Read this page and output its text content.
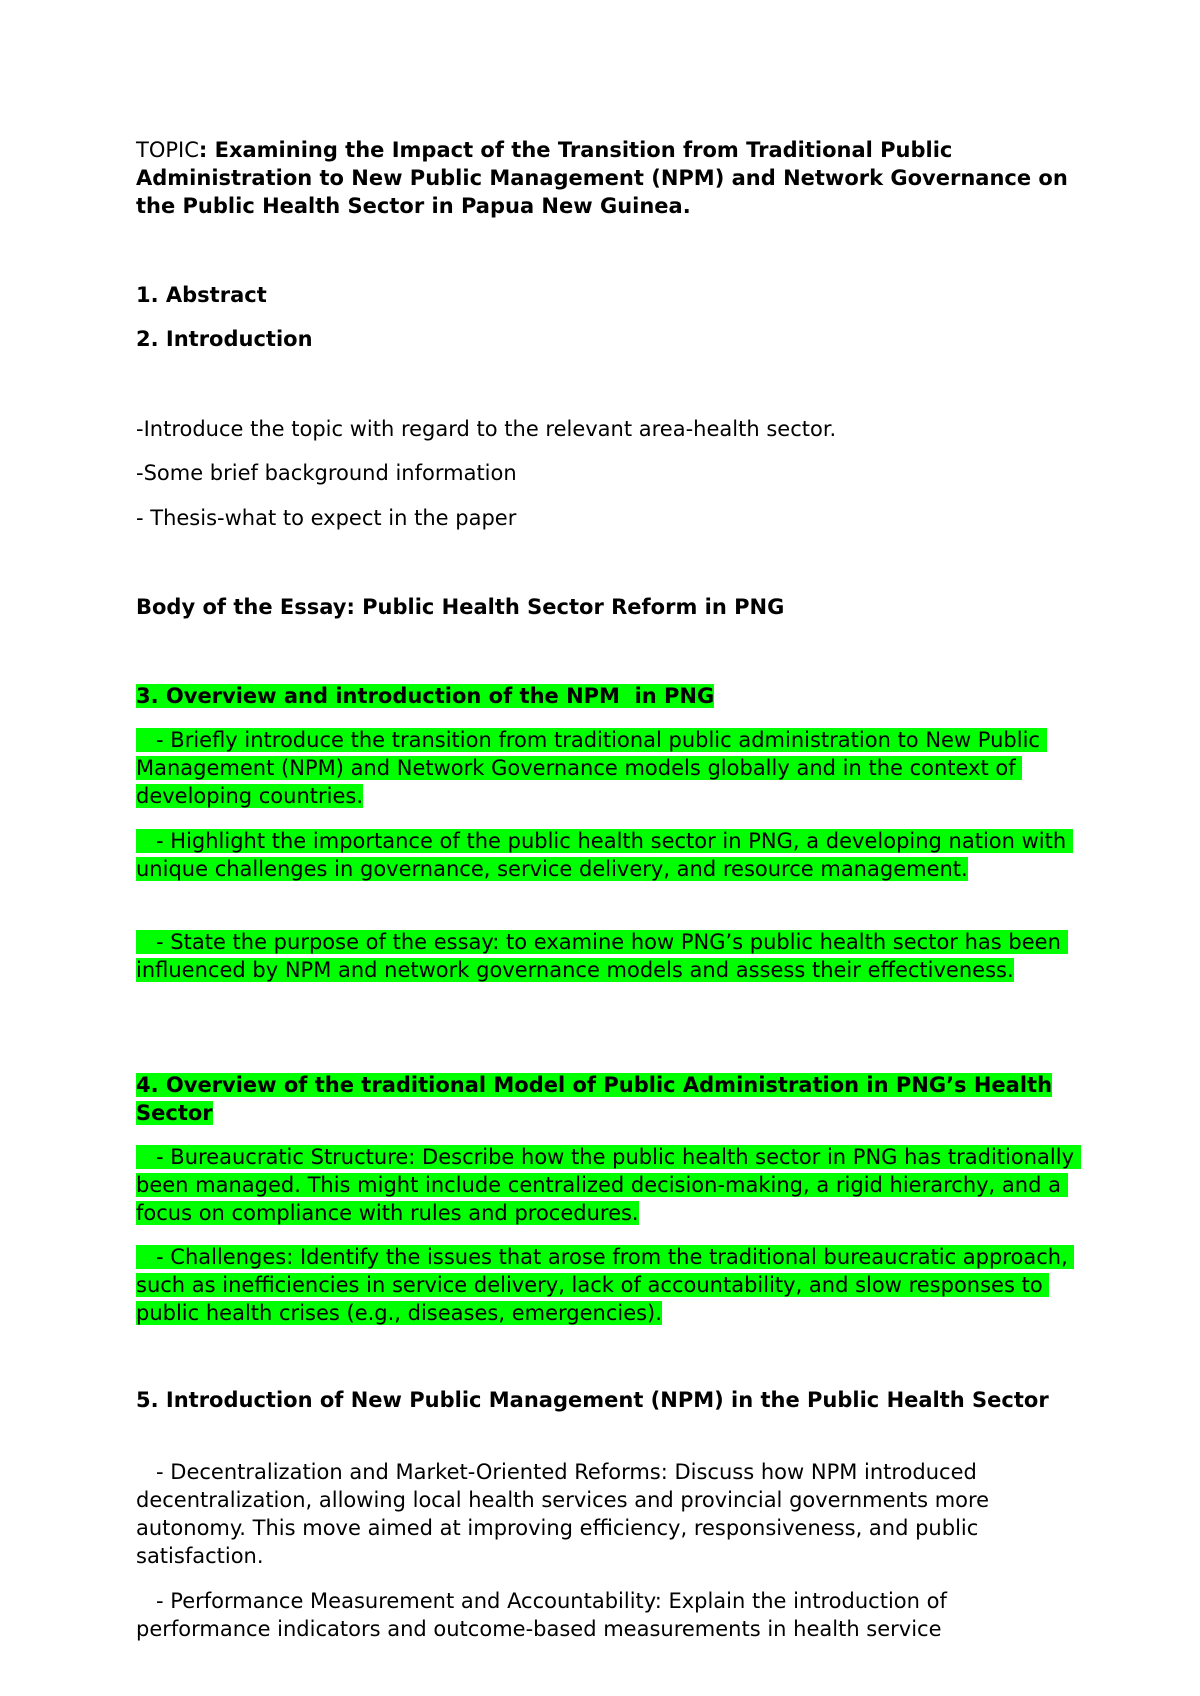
TOPIC: Examining the Impact of the Transition from Traditional Public Administration to New Public Management (NPM) and Network Governance on the Public Health Sector in Papua New Guinea.

1. Abstract

2. Introduction

-Introduce the topic with regard to the relevant area-health sector.

-Some brief background information

- Thesis-what to expect in the paper

Body of the Essay: Public Health Sector Reform in PNG

3. Overview and introduction of the NPM  in PNG

- Briefly introduce the transition from traditional public administration to New Public Management (NPM) and Network Governance models globally and in the context of developing countries.

- Highlight the importance of the public health sector in PNG, a developing nation with unique challenges in governance, service delivery, and resource management.

- State the purpose of the essay: to examine how PNG’s public health sector has been influenced by NPM and network governance models and assess their effectiveness.

4. Overview of the traditional Model of Public Administration in PNG’s Health Sector

- Bureaucratic Structure: Describe how the public health sector in PNG has traditionally been managed. This might include centralized decision-making, a rigid hierarchy, and a focus on compliance with rules and procedures.

- Challenges: Identify the issues that arose from the traditional bureaucratic approach, such as inefficiencies in service delivery, lack of accountability, and slow responses to public health crises (e.g., diseases, emergencies).

5. Introduction of New Public Management (NPM) in the Public Health Sector

- Decentralization and Market-Oriented Reforms: Discuss how NPM introduced decentralization, allowing local health services and provincial governments more autonomy. This move aimed at improving efficiency, responsiveness, and public satisfaction.

- Performance Measurement and Accountability: Explain the introduction of performance indicators and outcome-based measurements in health service
